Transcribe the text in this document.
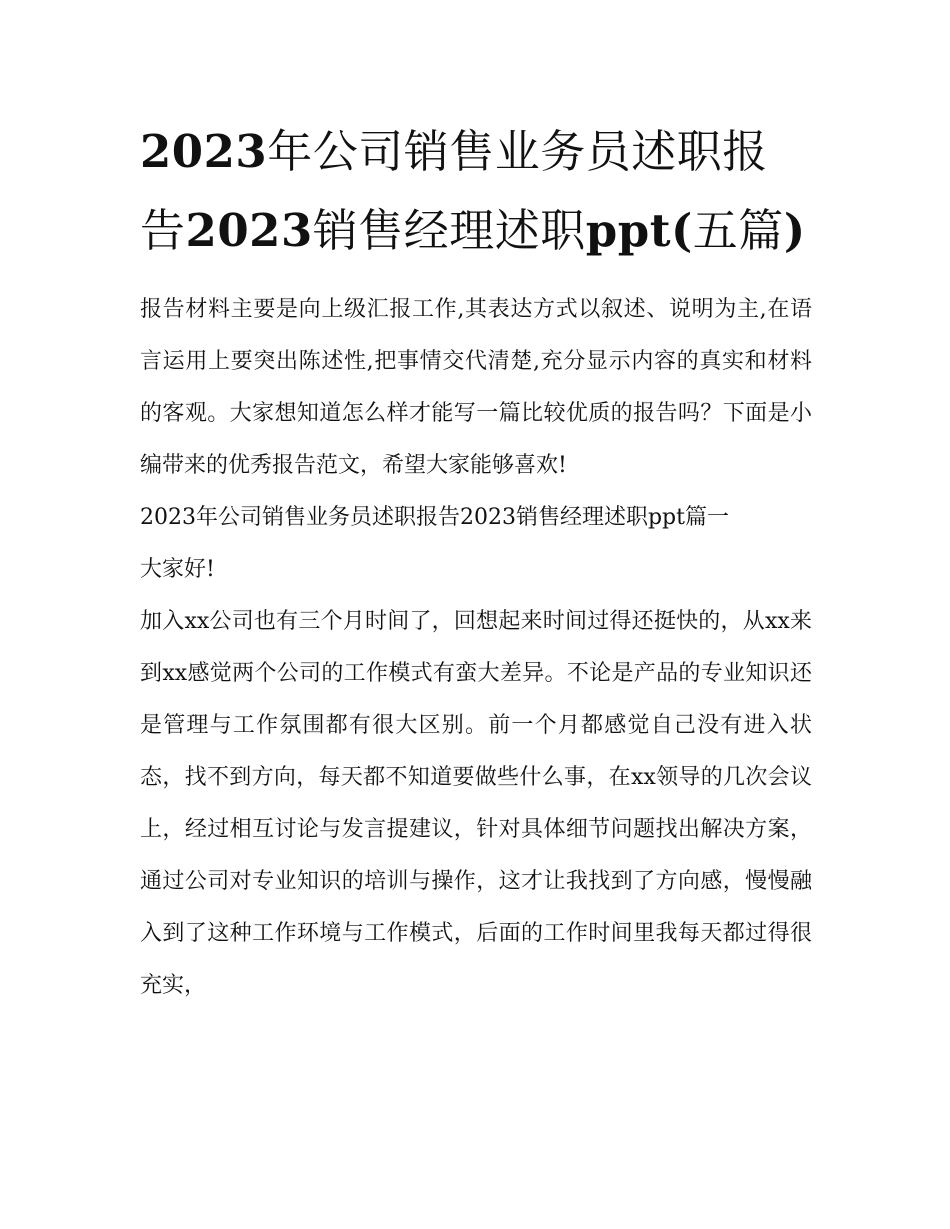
2023年公司销售业务员述职报告2023销售经理述职ppt(五篇)

报告材料主要是向上级汇报工作,其表达方式以叙述、说明为主,在语言运用上要突出陈述性,把事情交代清楚,充分显示内容的真实和材料的客观。大家想知道怎么样才能写一篇比较优质的报告吗？下面是小编带来的优秀报告范文，希望大家能够喜欢!

2023年公司销售业务员述职报告2023销售经理述职ppt篇一

大家好!

加入xx公司也有三个月时间了，回想起来时间过得还挺快的，从xx来到xx感觉两个公司的工作模式有蛮大差异。不论是产品的专业知识还是管理与工作氛围都有很大区别。前一个月都感觉自己没有进入状态，找不到方向，每天都不知道要做些什么事，在xx领导的几次会议上，经过相互讨论与发言提建议，针对具体细节问题找出解决方案，通过公司对专业知识的培训与操作，这才让我找到了方向感，慢慢融入到了这种工作环境与工作模式，后面的工作时间里我每天都过得很充实，
